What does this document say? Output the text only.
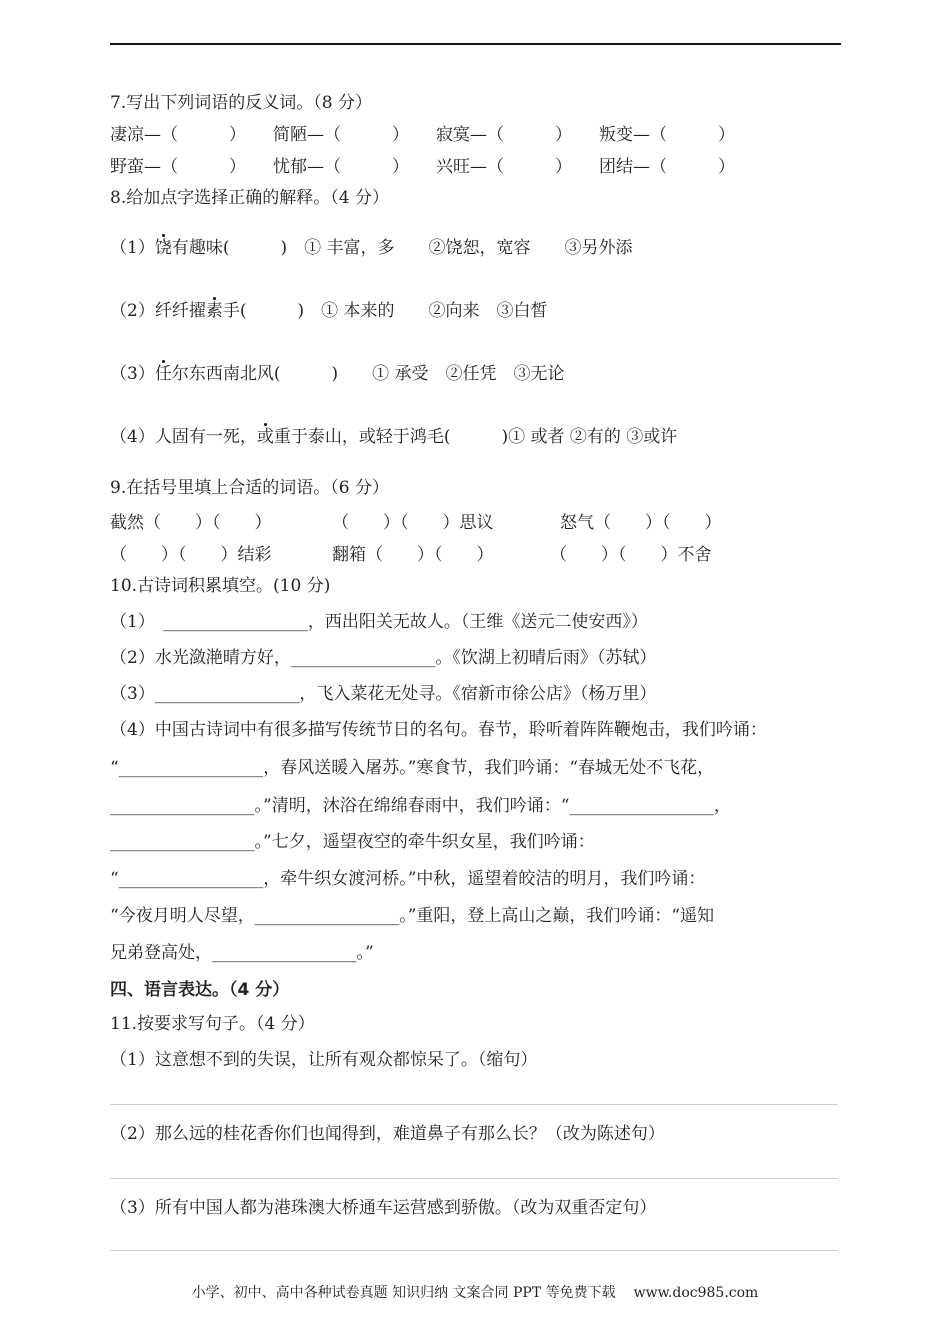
7.写出下列词语的反义词。（8 分）
凄凉—（　　　） 简陋—（　　　） 寂寞—（　　　） 叛变—（　　　）
野蛮—（　　　） 忧郁—（　　　） 兴旺—（　　　） 团结—（　　　）
8.给加点字选择正确的解释。（4 分）
（1）饶有趣味(　　　)　① 丰富，多　　②饶恕，宽容　　③另外添
（2）纤纤擢素手(　　　)　① 本来的　　②向来　③白皙
（3）任尔东西南北风(　　　)　　① 承受　②任凭　③无论
（4）人固有一死，或重于泰山，或轻于鸿毛(　　　)① 或者 ②有的 ③或许
9.在括号里填上合适的词语。（6 分）
截然（　　）（　　）	（　　）（　　）思议	怒气（　　）（　　）
（　　）（　　）结彩	翻箱（　　）（　　）	（　　）（　　）不舍
10.古诗词积累填空。(10 分)
（1）　_________________，西出阳关无故人。（王维《送元二使安西》）
（2）水光潋滟晴方好，_________________。《饮湖上初晴后雨》（苏轼）
（3）_________________，飞入菜花无处寻。《宿新市徐公店》（杨万里）
（4）中国古诗词中有很多描写传统节日的名句。春节，聆听着阵阵鞭炮击，我们吟诵：
“_________________，春风送暖入屠苏。”寒食节，我们吟诵：“春城无处不飞花，
_________________。”清明，沐浴在绵绵春雨中，我们吟诵：“_________________，
_________________。”七夕，遥望夜空的牵牛织女星，我们吟诵：
“_________________，牵牛织女渡河桥。”中秋，遥望着皎洁的明月，我们吟诵：
“今夜月明人尽望，_________________。”重阳，登上高山之巅，我们吟诵：“遥知
兄弟登高处，_________________。”
四、语言表达。（4 分）
11.按要求写句子。（4 分）
（1）这意想不到的失误，让所有观众都惊呆了。（缩句）
（2）那么远的桂花香你们也闻得到，难道鼻子有那么长？（改为陈述句）
（3）所有中国人都为港珠澳大桥通车运营感到骄傲。（改为双重否定句）
小学、初中、高中各种试卷真题 知识归纳 文案合同 PPT 等免费下载 www.doc985.com
